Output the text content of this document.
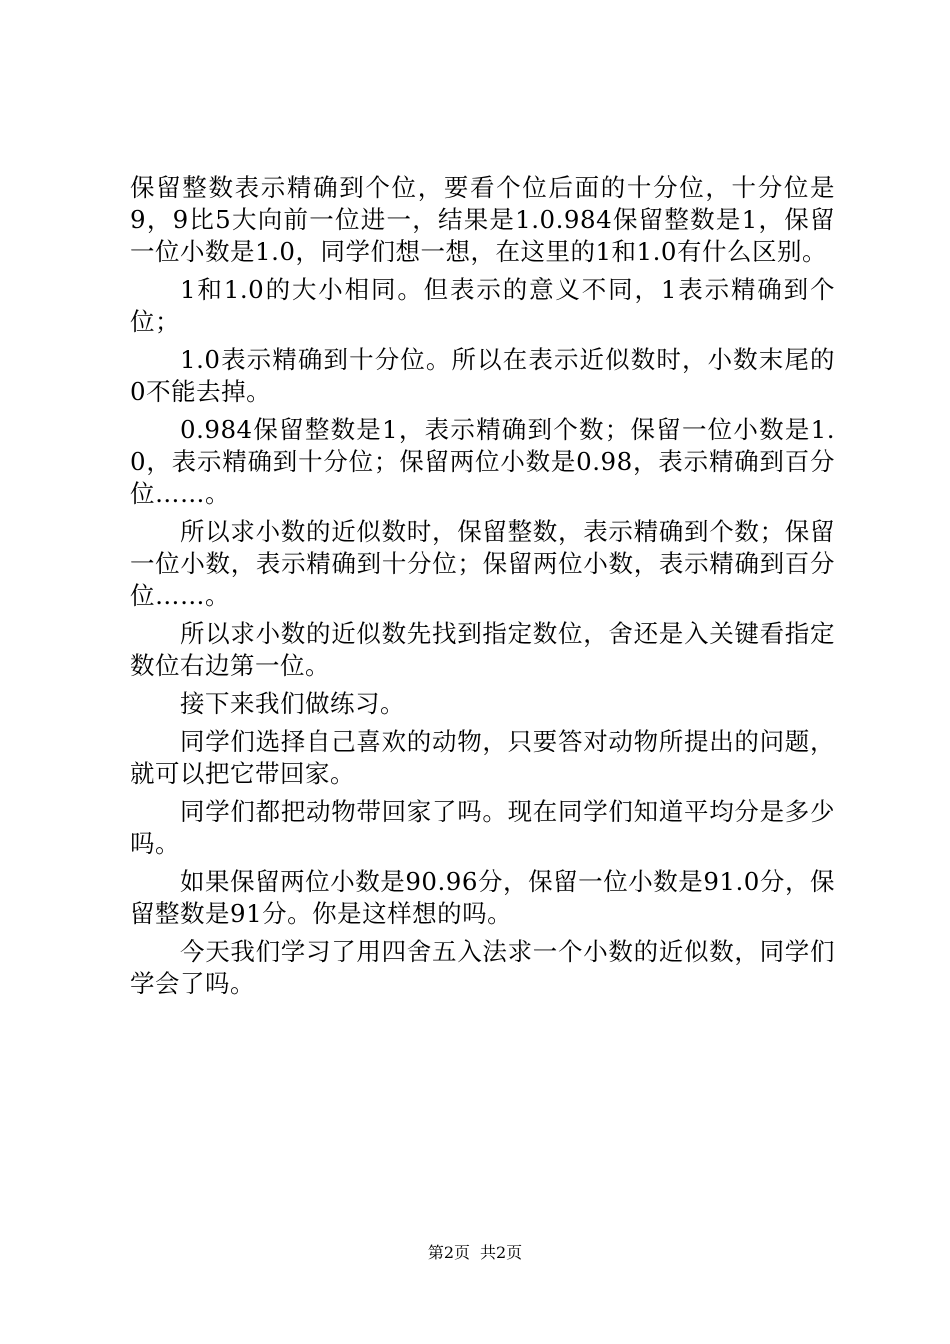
保留整数表示精确到个位，要看个位后面的十分位，十分位是9，9比5大向前一位进一，结果是1.0.984保留整数是1，保留一位小数是1.0，同学们想一想，在这里的1和1.0有什么区别。

1和1.0的大小相同。但表示的意义不同，1表示精确到个位；

1.0表示精确到十分位。所以在表示近似数时，小数末尾的0不能去掉。

0.984保留整数是1，表示精确到个数；保留一位小数是1.0，表示精确到十分位；保留两位小数是0.98，表示精确到百分位……。

所以求小数的近似数时，保留整数，表示精确到个数；保留一位小数，表示精确到十分位；保留两位小数，表示精确到百分位……。

所以求小数的近似数先找到指定数位，舍还是入关键看指定数位右边第一位。

接下来我们做练习。

同学们选择自己喜欢的动物，只要答对动物所提出的问题，就可以把它带回家。

同学们都把动物带回家了吗。现在同学们知道平均分是多少吗。

如果保留两位小数是90.96分，保留一位小数是91.0分，保留整数是91分。你是这样想的吗。

今天我们学习了用四舍五入法求一个小数的近似数，同学们学会了吗。

第2页 共2页
